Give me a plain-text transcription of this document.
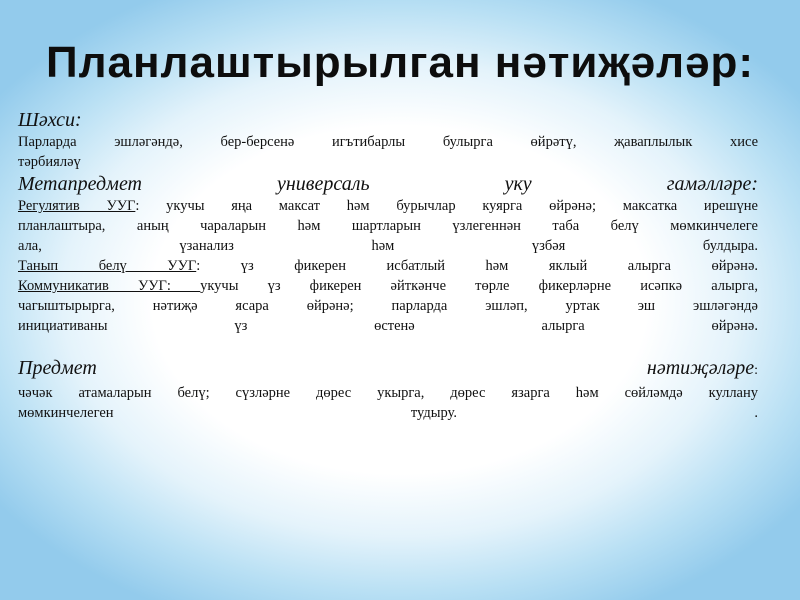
Планлаштырылган нәтиҗәләр:
Шәхси:
Парларда эшләгәндә, бер-берсенә игътибарлы булырга өйрәтү, җаваплылык хисе
тәрбияләү
Метапредмет универсаль уку гамәлләре:
Регулятив УУГ: укучы яңа максат һәм бурычлар куярга өйрәнә; максатка ирешүне
планлаштыра, аның чараларын һәм шартларын үзлегеннән таба белү мөмкинчелеге
ала, үзанализ һәм үзбәя булдыра.
Танып белү УУГ: үз фикерен исбатлый һәм яклый алырга өйрәнә.
Коммуникатив УУГ: укучы үз фикерен әйткәнче төрле фикерләрне исәпкә алырга,
чагыштырырга, нәтиҗә ясара өйрәнә; парларда эшләп, уртак эш эшләгәндә
инициативаны үз өстенә алырга өйрәнә.
Предмет	нәтиҗәләре:
чәчәк атамаларын белү; сүзләрне дөрес укырга, дөрес язарга һәм сөйләмдә куллану
мөмкинчелеген тудыру. .
